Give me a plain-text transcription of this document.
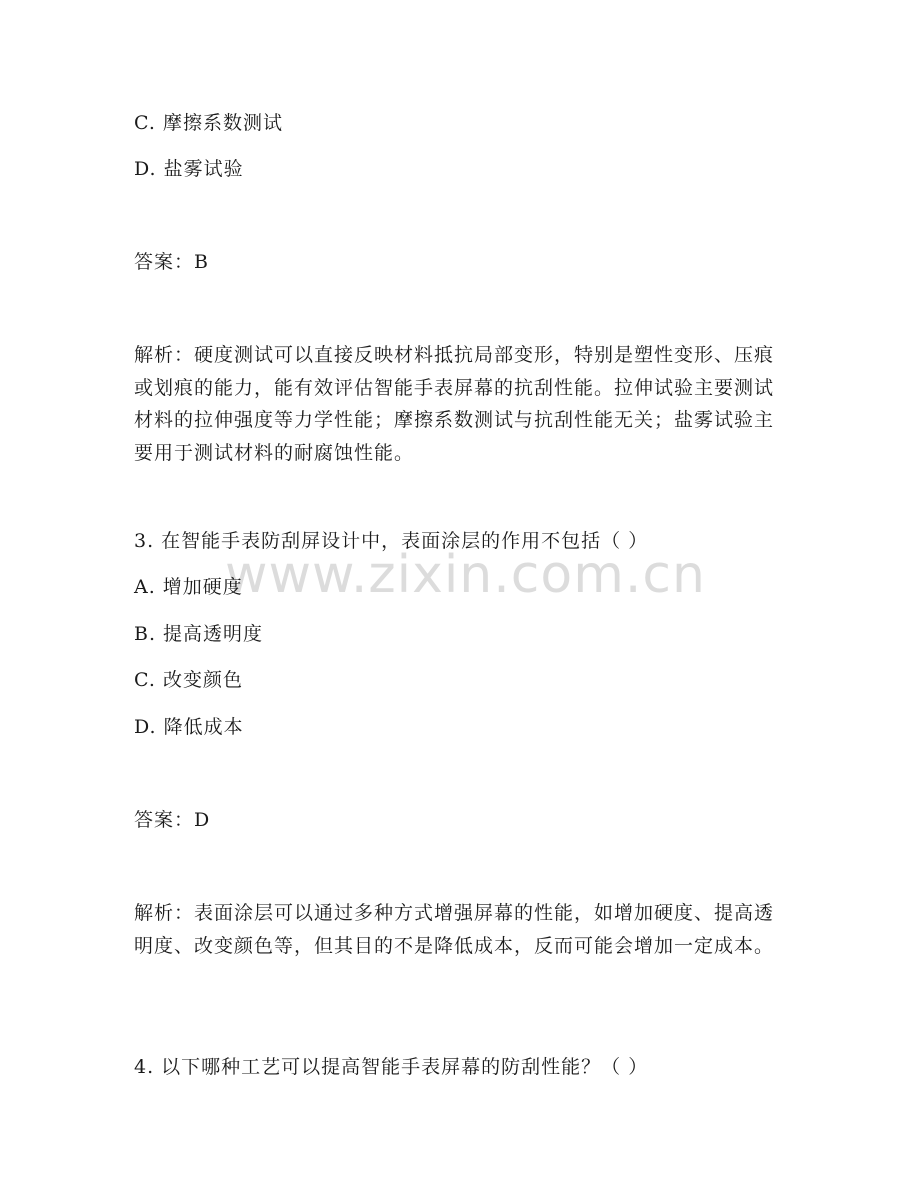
www.zixin.com.cn
C. 摩擦系数测试
D. 盐雾试验
答案：B
解析：硬度测试可以直接反映材料抵抗局部变形，特别是塑性变形、压痕或划痕的能力，能有效评估智能手表屏幕的抗刮性能。拉伸试验主要测试材料的拉伸强度等力学性能；摩擦系数测试与抗刮性能无关；盐雾试验主要用于测试材料的耐腐蚀性能。
3. 在智能手表防刮屏设计中，表面涂层的作用不包括（ ）
A. 增加硬度
B. 提高透明度
C. 改变颜色
D. 降低成本
答案：D
解析：表面涂层可以通过多种方式增强屏幕的性能，如增加硬度、提高透明度、改变颜色等，但其目的不是降低成本，反而可能会增加一定成本。
4. 以下哪种工艺可以提高智能手表屏幕的防刮性能？（ ）
